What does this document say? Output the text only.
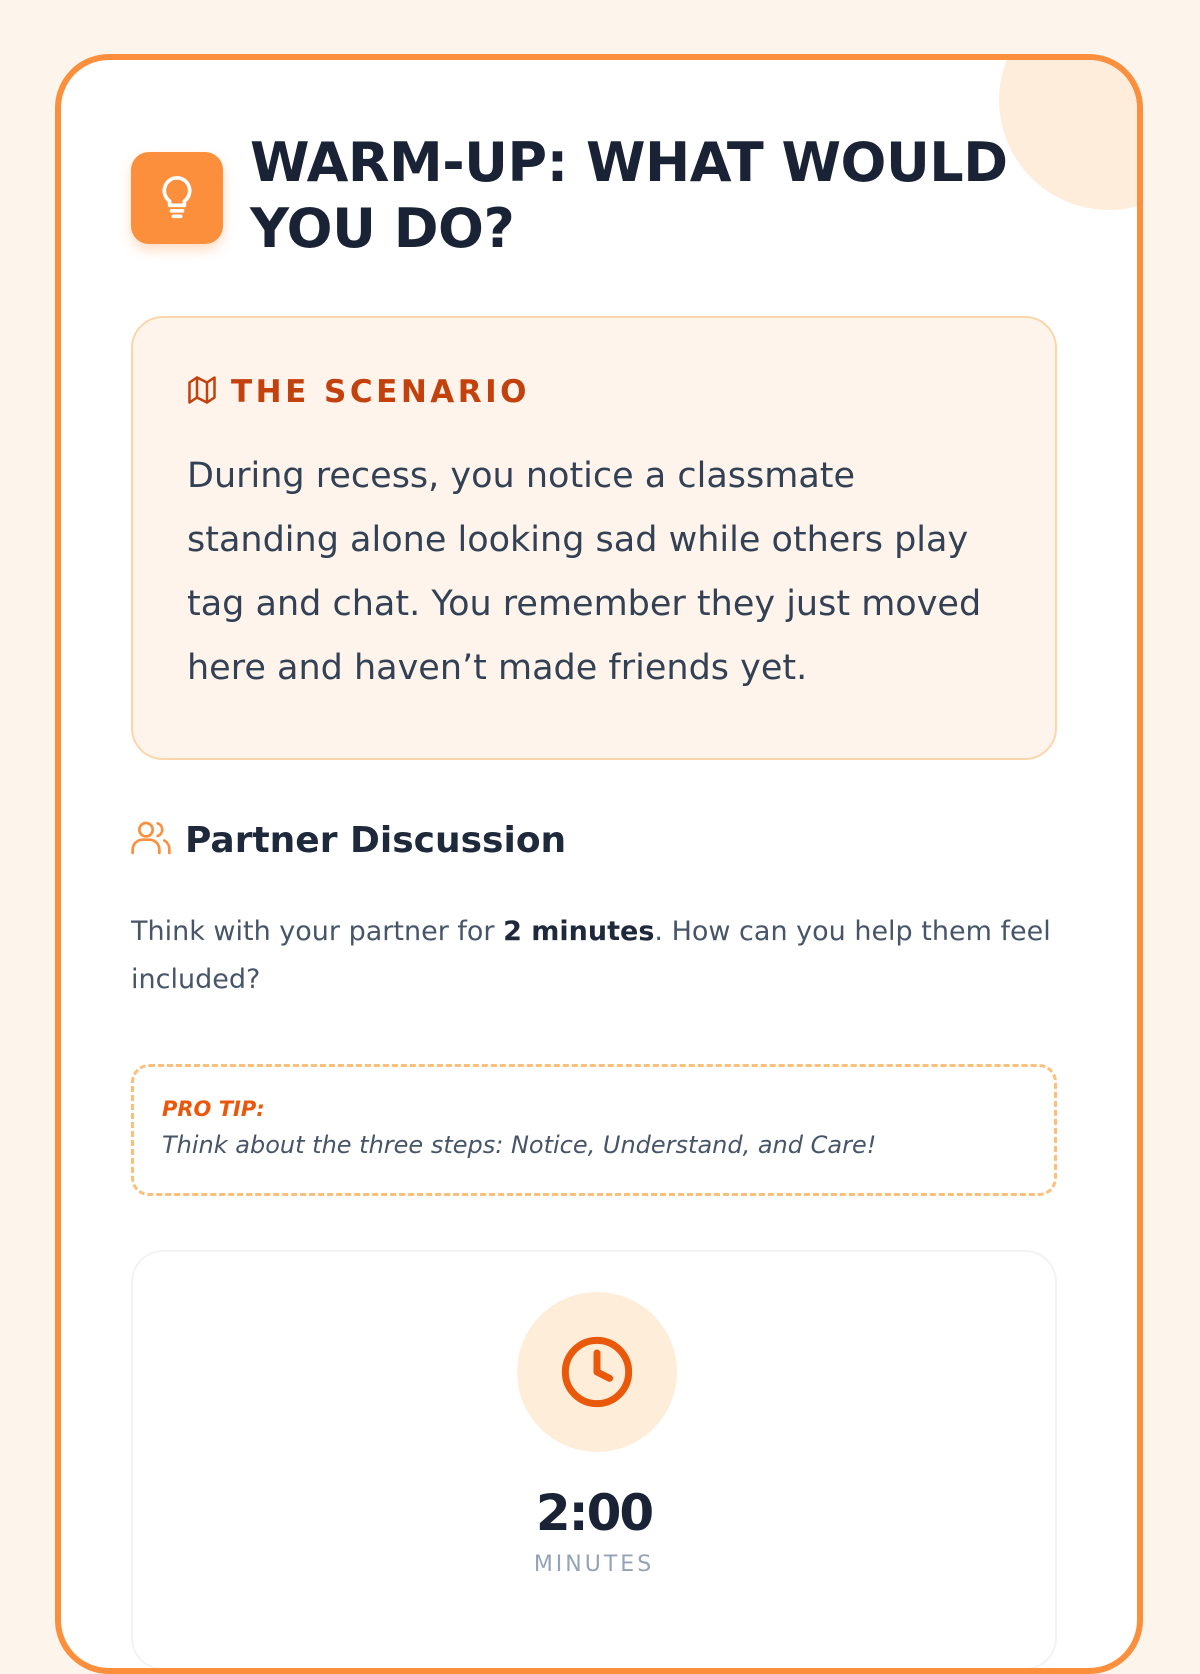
WARM-UP: WHAT WOULD
YOU DO?
THE SCENARIO

During recess, you notice a classmate standing alone looking sad while others play tag and chat. You remember they just moved here and haven’t made friends yet.

Partner Discussion

Think with your partner for 2 minutes. How can you help them feel included?

PRO TIP:
Think about the three steps: Notice, Understand, and Care!
2:00
MINUTES
